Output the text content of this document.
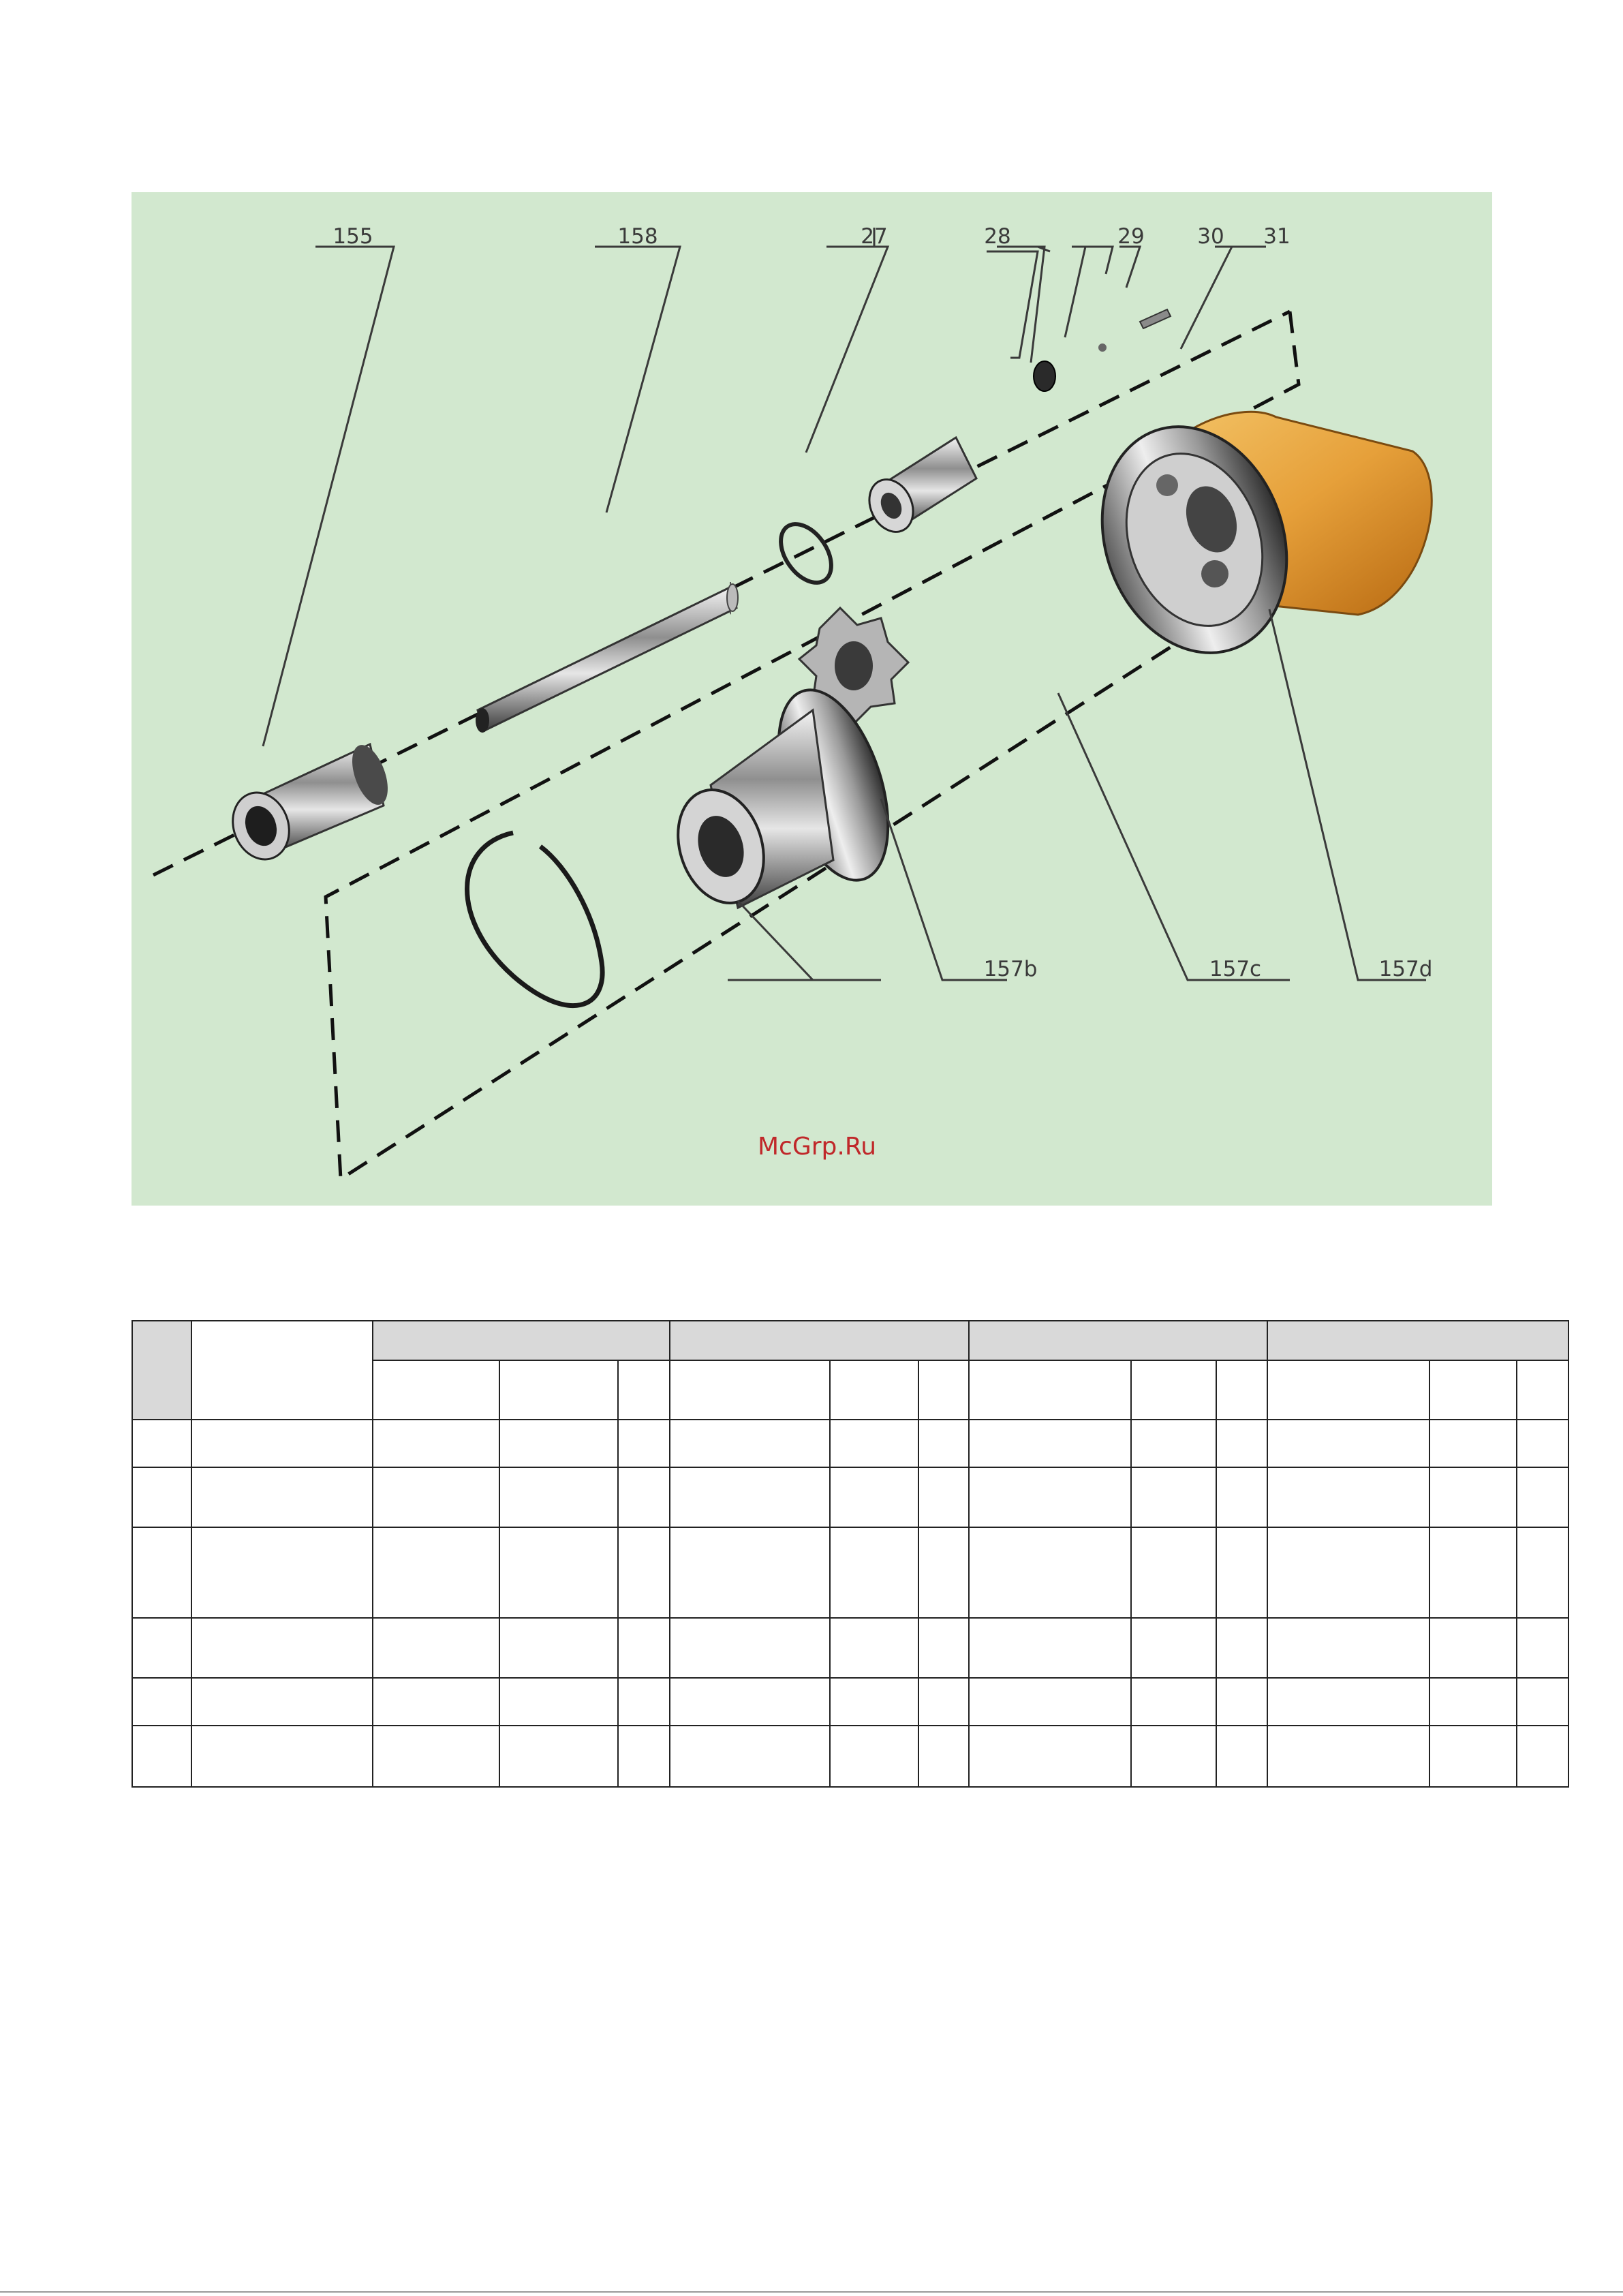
155	158	27	28	29	30 31
157b	157c	157d
McGrp.Ru
